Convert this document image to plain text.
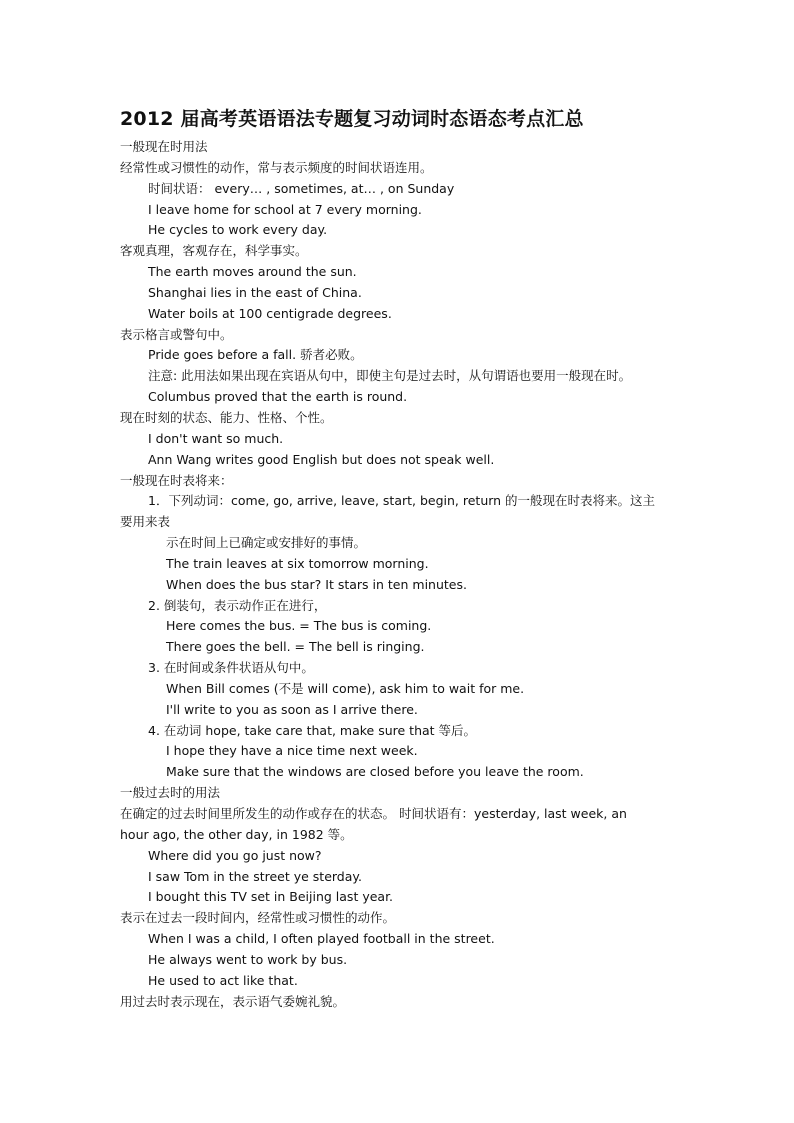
2012 届高考英语语法专题复习动词时态语态考点汇总
一般现在时用法
经常性或习惯性的动作，常与表示频度的时间状语连用。
时间状语： every… , sometimes, at… , on Sunday
I leave home for school at 7 every morning.
He cycles to work every day.
客观真理，客观存在，科学事实。
The earth moves around the sun.
Shanghai lies in the east of China.
Water boils at 100 centigrade degrees.
表示格言或警句中。
Pride goes before a fall. 骄者必败。
注意: 此用法如果出现在宾语从句中，即使主句是过去时，从句谓语也要用一般现在时。
Columbus proved that the earth is round.
现在时刻的状态、能力、性格、个性。
I don't want so much.
Ann Wang writes good English but does not speak well.
一般现在时表将来：
1．下列动词：come, go, arrive, leave, start, begin, return 的一般现在时表将来。这主
要用来表
示在时间上已确定或安排好的事情。
The train leaves at six tomorrow morning.
When does the bus star? It stars in ten minutes.
2. 倒装句，表示动作正在进行，
Here comes the bus. = The bus is coming.
There goes the bell. = The bell is ringing.
3. 在时间或条件状语从句中。
When Bill comes (不是 will come), ask him to wait for me.
I'll write to you as soon as I arrive there.
4. 在动词 hope, take care that, make sure that 等后。
I hope they have a nice time next week.
Make sure that the windows are closed before you leave the room.
一般过去时的用法
在确定的过去时间里所发生的动作或存在的状态。 时间状语有：yesterday, last week, an
hour ago, the other day, in 1982 等。
Where did you go just now?
I saw Tom in the street ye sterday.
I bought this TV set in Beijing last year.
表示在过去一段时间内，经常性或习惯性的动作。
When I was a child, I often played football in the street.
He always went to work by bus.
He used to act like that.
用过去时表示现在，表示语气委婉礼貌。
